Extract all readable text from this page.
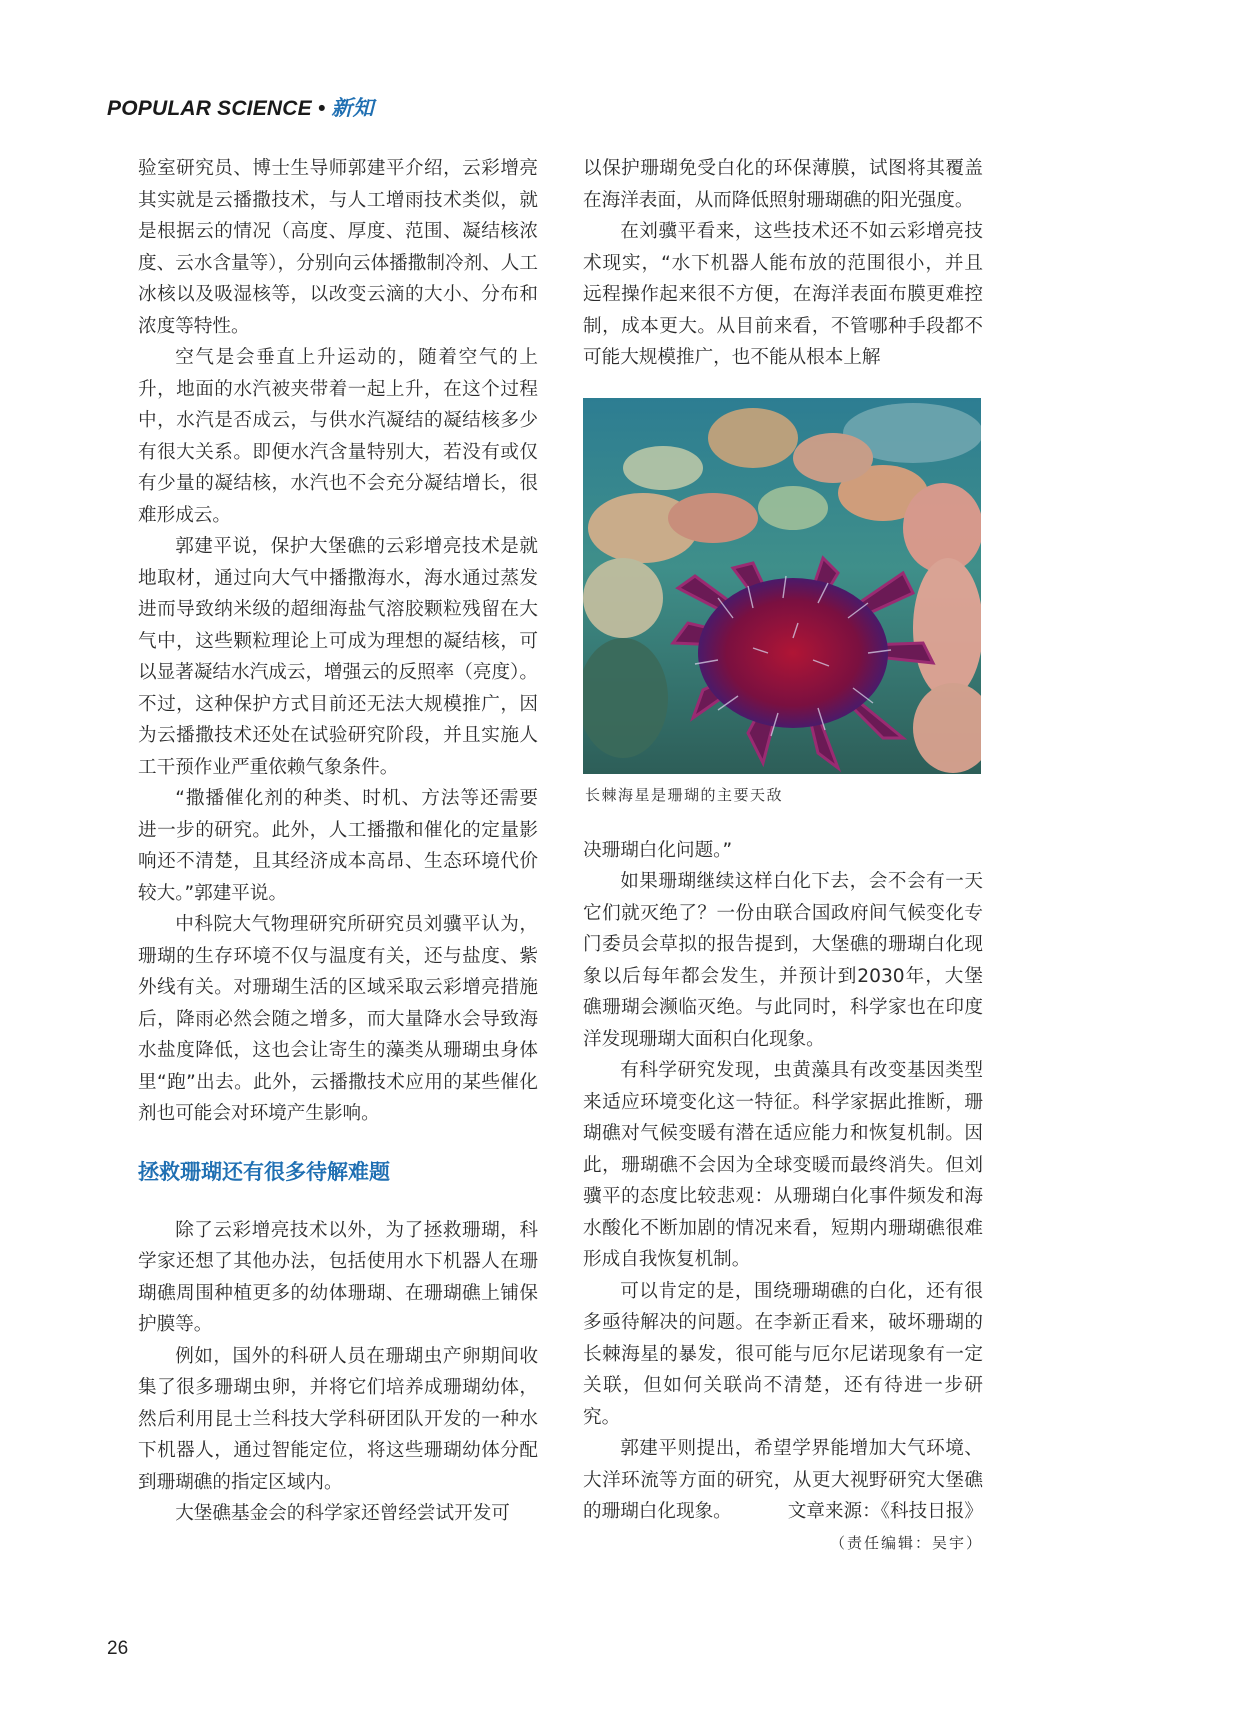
POPULAR SCIENCE • 新知

验室研究员、博士生导师郭建平介绍，云彩增亮其实就是云播撒技术，与人工增雨技术类似，就是根据云的情况（高度、厚度、范围、凝结核浓度、云水含量等），分别向云体播撒制冷剂、人工冰核以及吸湿核等，以改变云滴的大小、分布和浓度等特性。

空气是会垂直上升运动的，随着空气的上升，地面的水汽被夹带着一起上升，在这个过程中，水汽是否成云，与供水汽凝结的凝结核多少有很大关系。即便水汽含量特别大，若没有或仅有少量的凝结核，水汽也不会充分凝结增长，很难形成云。

郭建平说，保护大堡礁的云彩增亮技术是就地取材，通过向大气中播撒海水，海水通过蒸发进而导致纳米级的超细海盐气溶胶颗粒残留在大气中，这些颗粒理论上可成为理想的凝结核，可以显著凝结水汽成云，增强云的反照率（亮度）。不过，这种保护方式目前还无法大规模推广，因为云播撒技术还处在试验研究阶段，并且实施人工干预作业严重依赖气象条件。

“撒播催化剂的种类、时机、方法等还需要进一步的研究。此外，人工播撒和催化的定量影响还不清楚，且其经济成本高昂、生态环境代价较大。”郭建平说。

中科院大气物理研究所研究员刘骥平认为，珊瑚的生存环境不仅与温度有关，还与盐度、紫外线有关。对珊瑚生活的区域采取云彩增亮措施后，降雨必然会随之增多，而大量降水会导致海水盐度降低，这也会让寄生的藻类从珊瑚虫身体里“跑”出去。此外，云播撒技术应用的某些催化剂也可能会对环境产生影响。

拯救珊瑚还有很多待解难题

除了云彩增亮技术以外，为了拯救珊瑚，科学家还想了其他办法，包括使用水下机器人在珊瑚礁周围种植更多的幼体珊瑚、在珊瑚礁上铺保护膜等。

例如，国外的科研人员在珊瑚虫产卵期间收集了很多珊瑚虫卵，并将它们培养成珊瑚幼体，然后利用昆士兰科技大学科研团队开发的一种水下机器人，通过智能定位，将这些珊瑚幼体分配到珊瑚礁的指定区域内。

大堡礁基金会的科学家还曾经尝试开发可

以保护珊瑚免受白化的环保薄膜，试图将其覆盖在海洋表面，从而降低照射珊瑚礁的阳光强度。

在刘骥平看来，这些技术还不如云彩增亮技术现实，“水下机器人能布放的范围很小，并且远程操作起来很不方便，在海洋表面布膜更难控制，成本更大。从目前来看，不管哪种手段都不可能大规模推广，也不能从根本上解

长棘海星是珊瑚的主要天敌

决珊瑚白化问题。”

如果珊瑚继续这样白化下去，会不会有一天它们就灭绝了？一份由联合国政府间气候变化专门委员会草拟的报告提到，大堡礁的珊瑚白化现象以后每年都会发生，并预计到2030年，大堡礁珊瑚会濒临灭绝。与此同时，科学家也在印度洋发现珊瑚大面积白化现象。

有科学研究发现，虫黄藻具有改变基因类型来适应环境变化这一特征。科学家据此推断，珊瑚礁对气候变暖有潜在适应能力和恢复机制。因此，珊瑚礁不会因为全球变暖而最终消失。但刘骥平的态度比较悲观：从珊瑚白化事件频发和海水酸化不断加剧的情况来看，短期内珊瑚礁很难形成自我恢复机制。

可以肯定的是，围绕珊瑚礁的白化，还有很多亟待解决的问题。在李新正看来，破坏珊瑚的长棘海星的暴发，很可能与厄尔尼诺现象有一定关联，但如何关联尚不清楚，还有待进一步研究。

郭建平则提出，希望学界能增加大气环境、大洋环流等方面的研究，从更大视野研究大堡礁的珊瑚白化现象。	文章来源：《科技日报》

（责任编辑：吴宇）

26
